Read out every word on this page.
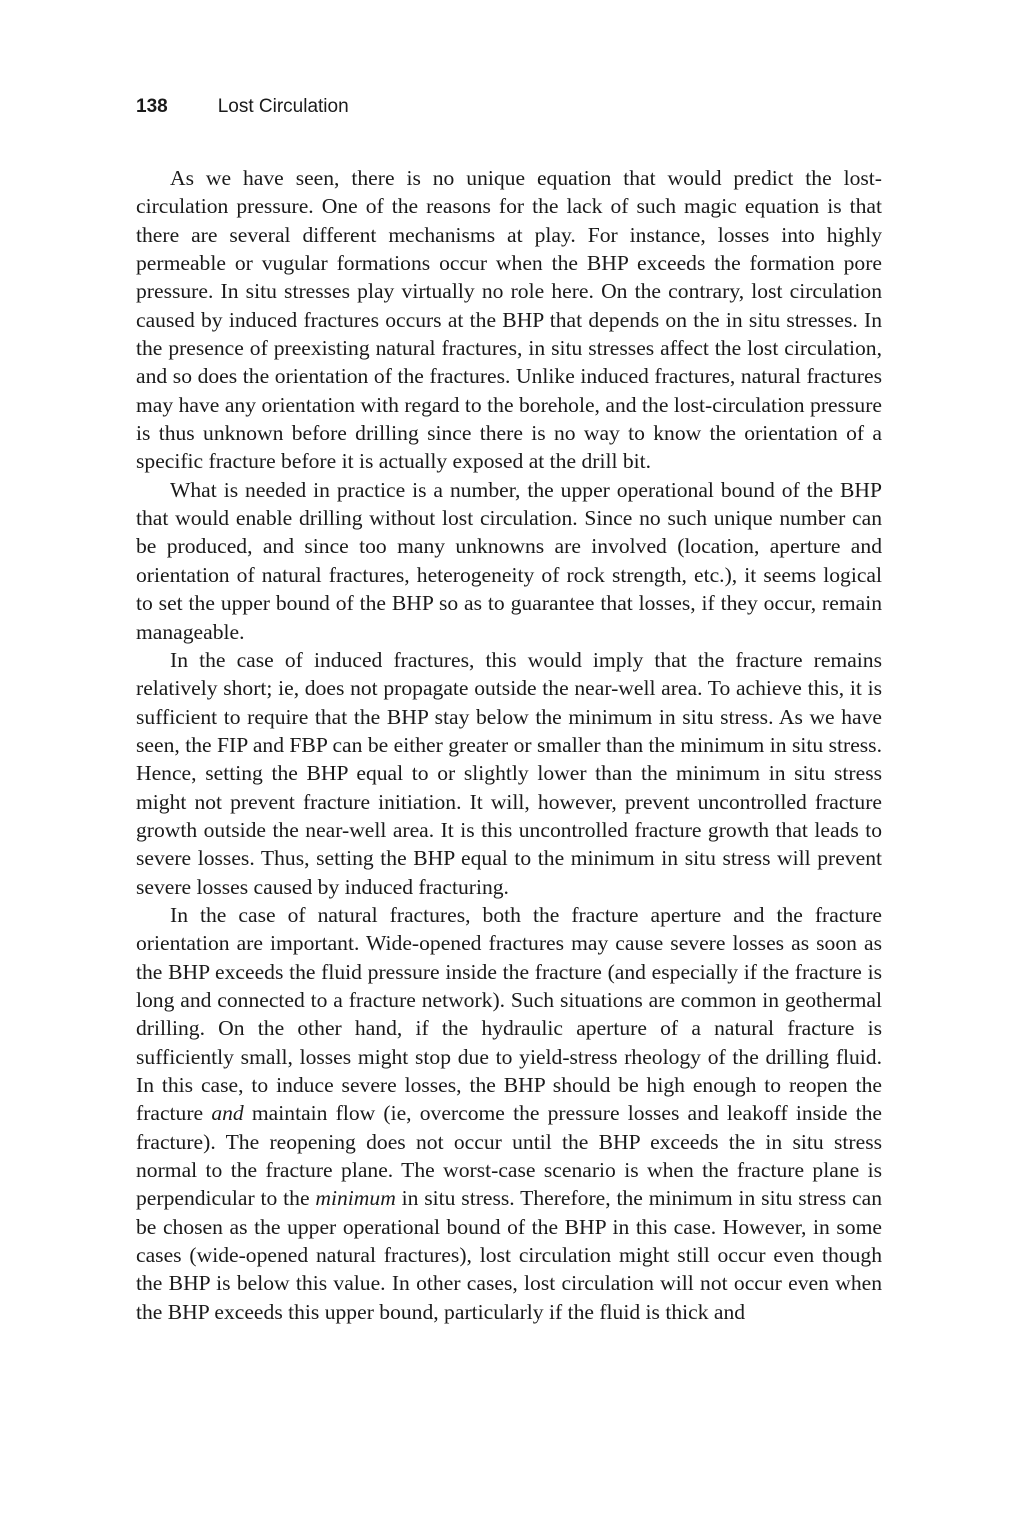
138	Lost Circulation

As we have seen, there is no unique equation that would predict the lost-circulation pressure. One of the reasons for the lack of such magic equation is that there are several different mechanisms at play. For instance, losses into highly permeable or vugular formations occur when the BHP exceeds the formation pore pressure. In situ stresses play virtually no role here. On the contrary, lost circulation caused by induced fractures occurs at the BHP that depends on the in situ stresses. In the presence of preexisting natural fractures, in situ stresses affect the lost circulation, and so does the orientation of the fractures. Unlike induced fractures, natural fractures may have any orientation with regard to the borehole, and the lost-circulation pressure is thus unknown before drilling since there is no way to know the orientation of a specific fracture before it is actually exposed at the drill bit.

What is needed in practice is a number, the upper operational bound of the BHP that would enable drilling without lost circulation. Since no such unique number can be produced, and since too many unknowns are involved (location, aperture and orientation of natural fractures, heterogeneity of rock strength, etc.), it seems logical to set the upper bound of the BHP so as to guarantee that losses, if they occur, remain manageable.

In the case of induced fractures, this would imply that the fracture remains relatively short; ie, does not propagate outside the near-well area. To achieve this, it is sufficient to require that the BHP stay below the minimum in situ stress. As we have seen, the FIP and FBP can be either greater or smaller than the minimum in situ stress. Hence, setting the BHP equal to or slightly lower than the minimum in situ stress might not prevent fracture initiation. It will, however, prevent uncontrolled fracture growth outside the near-well area. It is this uncontrolled fracture growth that leads to severe losses. Thus, setting the BHP equal to the minimum in situ stress will prevent severe losses caused by induced fracturing.

In the case of natural fractures, both the fracture aperture and the fracture orientation are important. Wide-opened fractures may cause severe losses as soon as the BHP exceeds the fluid pressure inside the fracture (and especially if the fracture is long and connected to a fracture network). Such situations are common in geothermal drilling. On the other hand, if the hydraulic aperture of a natural fracture is sufficiently small, losses might stop due to yield-stress rheology of the drilling fluid. In this case, to induce severe losses, the BHP should be high enough to reopen the fracture and maintain flow (ie, overcome the pressure losses and leakoff inside the fracture). The reopening does not occur until the BHP exceeds the in situ stress normal to the fracture plane. The worst-case scenario is when the fracture plane is perpendicular to the minimum in situ stress. Therefore, the minimum in situ stress can be chosen as the upper operational bound of the BHP in this case. However, in some cases (wide-opened natural fractures), lost circulation might still occur even though the BHP is below this value. In other cases, lost circulation will not occur even when the BHP exceeds this upper bound, particularly if the fluid is thick and
